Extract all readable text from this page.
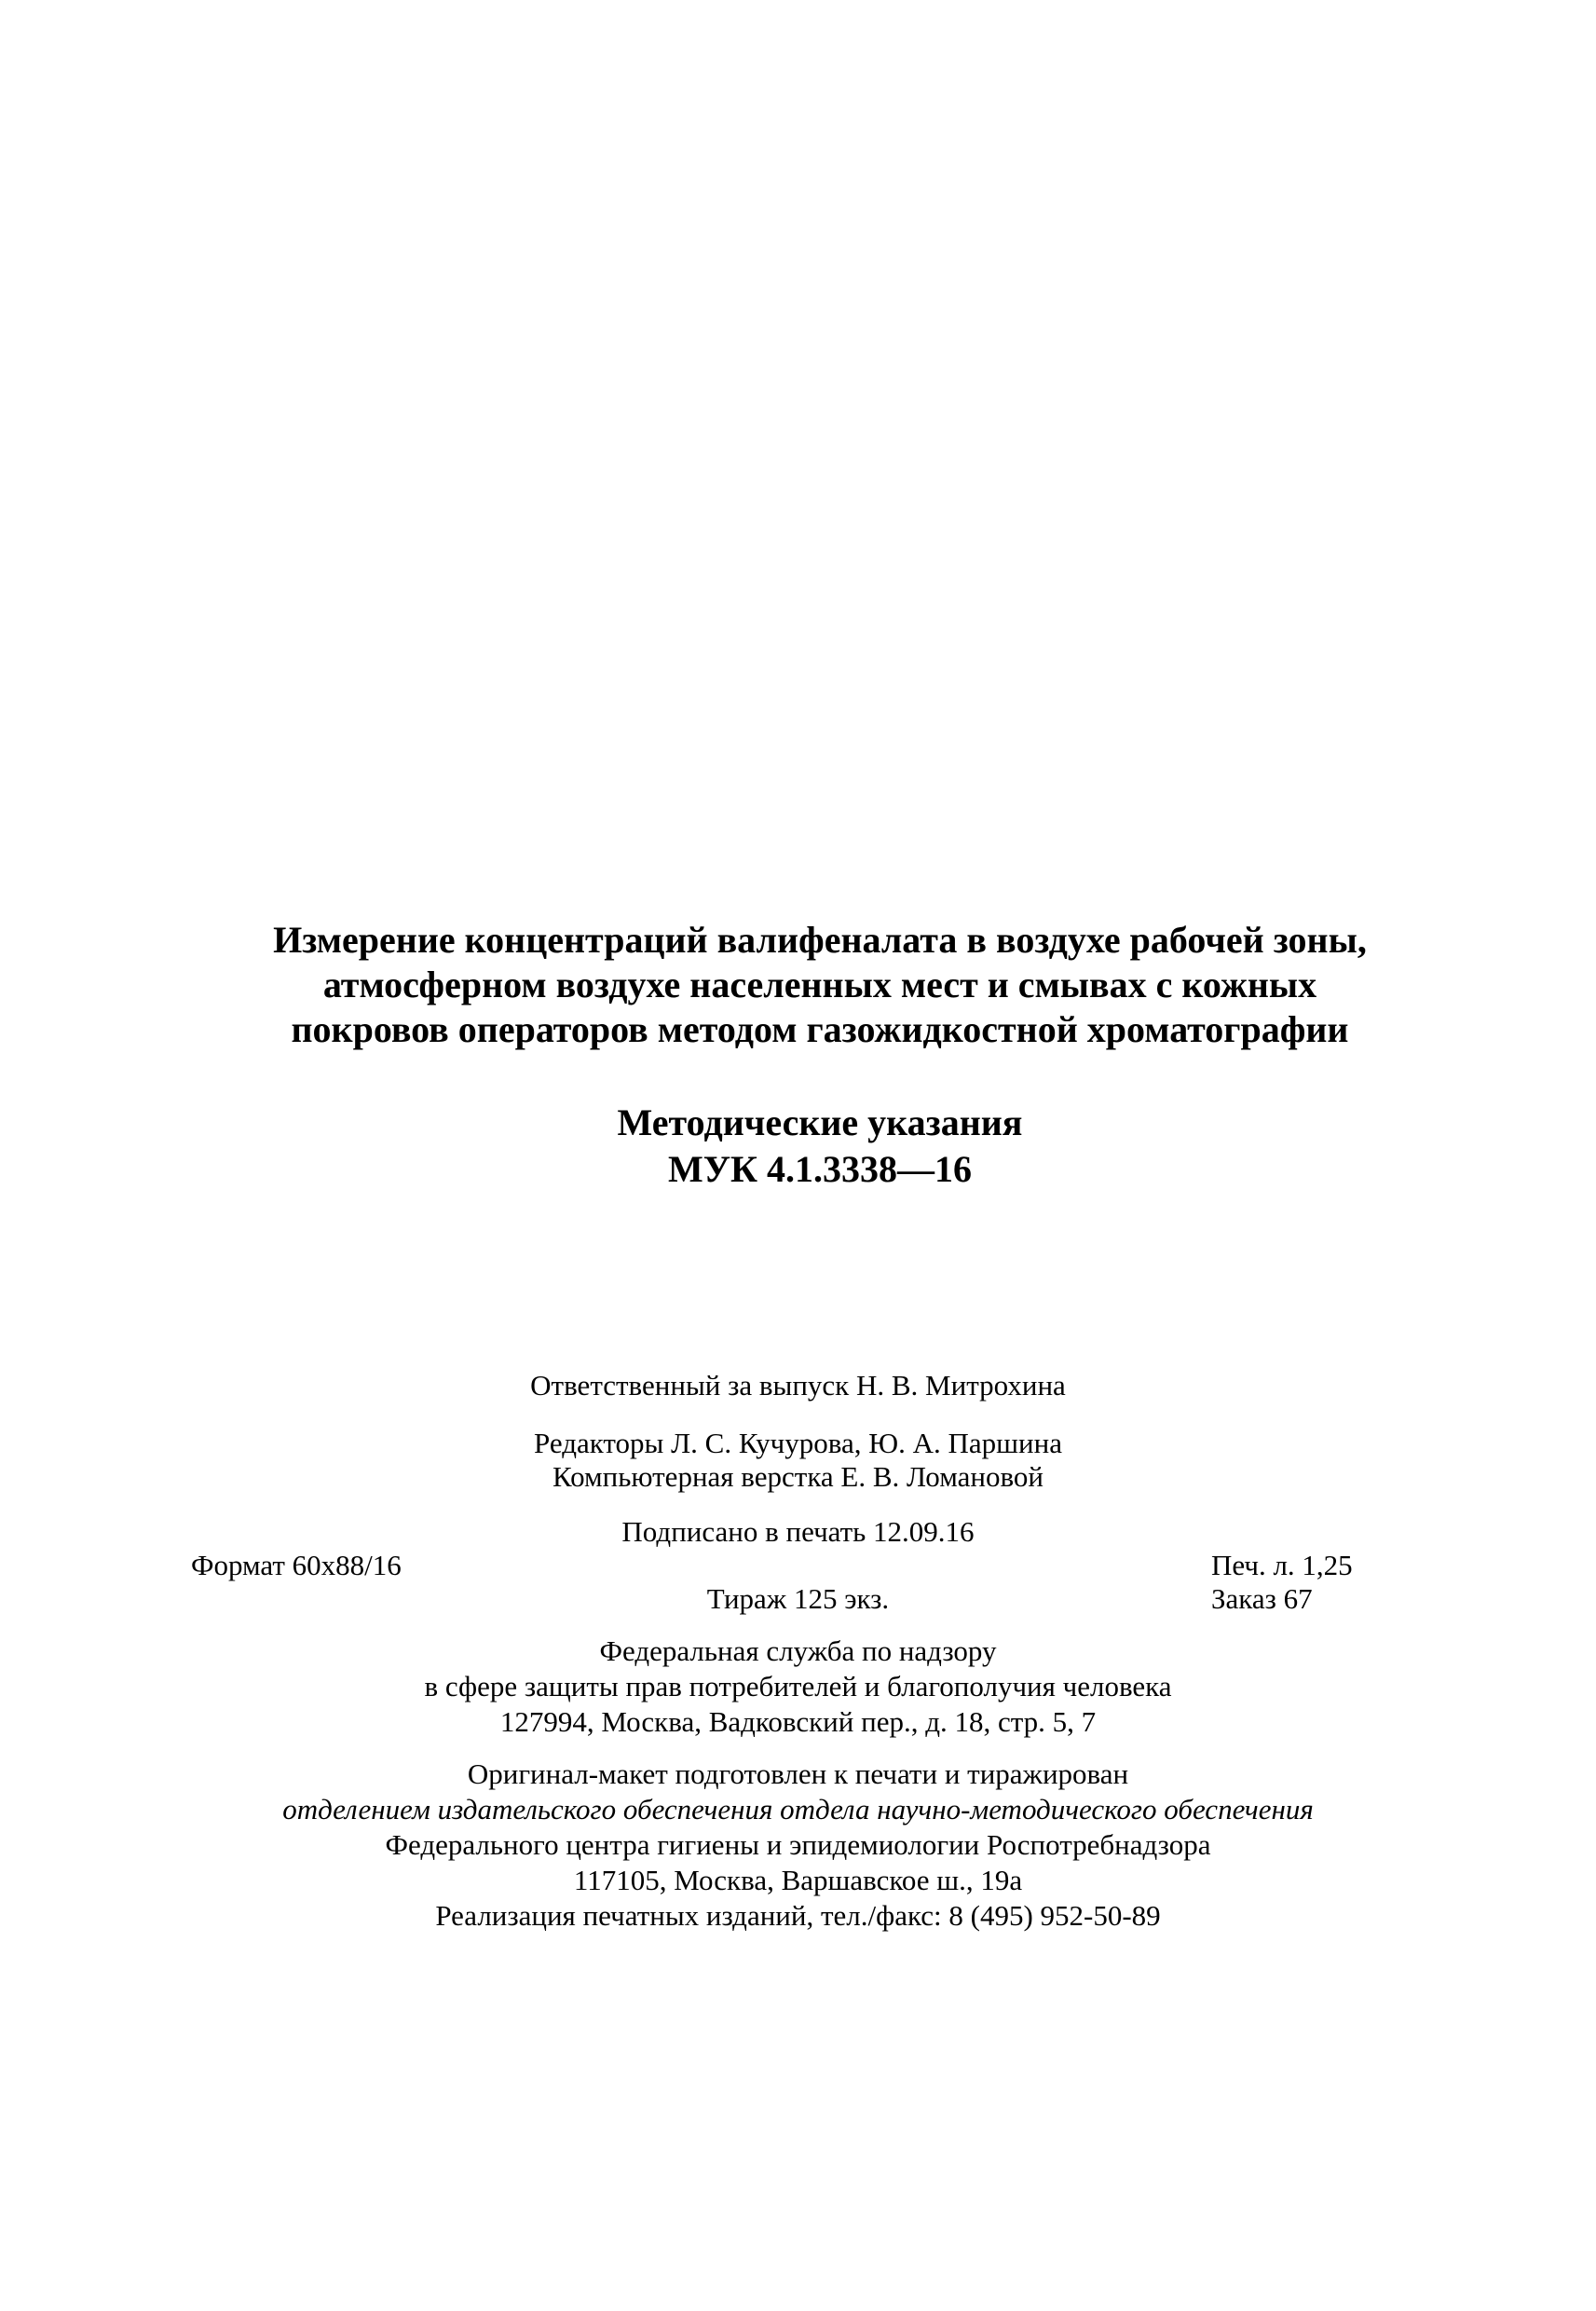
Измерение концентраций валифеналата в воздухе рабочей зоны,
атмосферном воздухе населенных мест и смывах с кожных
покровов операторов методом газожидкостной хроматографии
Методические указания
МУК 4.1.3338—16
Ответственный за выпуск Н. В. Митрохина
Редакторы Л. С. Кучурова, Ю. А. Паршина
Компьютерная верстка Е. В. Ломановой
Подписано в печать 12.09.16
Формат 60x88/16	Печ. л. 1,25
Тираж 125 экз.	Заказ 67
Федеральная служба по надзору
в сфере защиты прав потребителей и благополучия человека
127994, Москва, Вадковский пер., д. 18, стр. 5, 7
Оригинал-макет подготовлен к печати и тиражирован
отделением издательского обеспечения отдела научно-методического обеспечения
Федерального центра гигиены и эпидемиологии Роспотребнадзора
117105, Москва, Варшавское ш., 19а
Реализация печатных изданий, тел./факс: 8 (495) 952-50-89
